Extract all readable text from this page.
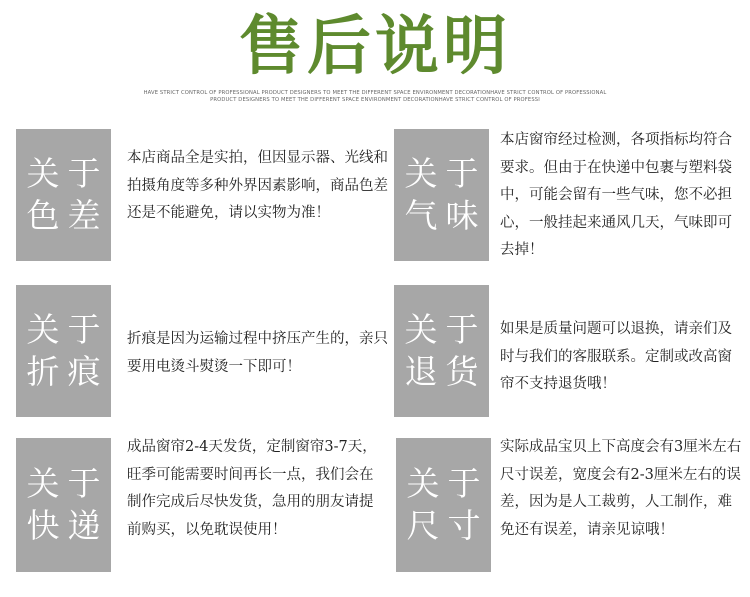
售后说明
HAVE STRICT CONTROL OF PROFESSIONAL PRODUCT DESIGNERS TO MEET THE DIFFERENT SPACE ENVIRONMENT DECORATIONHAVE STRICT CONTROL OF PROFESSIONAL
PRODUCT DESIGNERS TO MEET THE DIFFERENT SPACE ENVIRONMENT DECORATIONHAVE STRICT CONTROL OF PROFESSI
关于
色差
本店商品全是实拍，但因显示器、光线和拍摄角度等多种外界因素影响，商品色差还是不能避免，请以实物为准！
关于
气味
本店窗帘经过检测，各项指标均符合要求。但由于在快递中包裹与塑料袋中，可能会留有一些气味，您不必担心，一般挂起来通风几天，气味即可去掉！
关于
折痕
折痕是因为运输过程中挤压产生的，亲只要用电烫斗熨烫一下即可！
关于
退货
如果是质量问题可以退换，请亲们及时与我们的客服联系。定制或改高窗帘不支持退货哦！
关于
快递
成品窗帘2-4天发货，定制窗帘3-7天，旺季可能需要时间再长一点，我们会在制作完成后尽快发货，急用的朋友请提前购买，以免耽误使用！
关于
尺寸
实际成品宝贝上下高度会有3厘米左右尺寸误差，宽度会有2-3厘米左右的误差，因为是人工裁剪，人工制作，难免还有误差，请亲见谅哦！
